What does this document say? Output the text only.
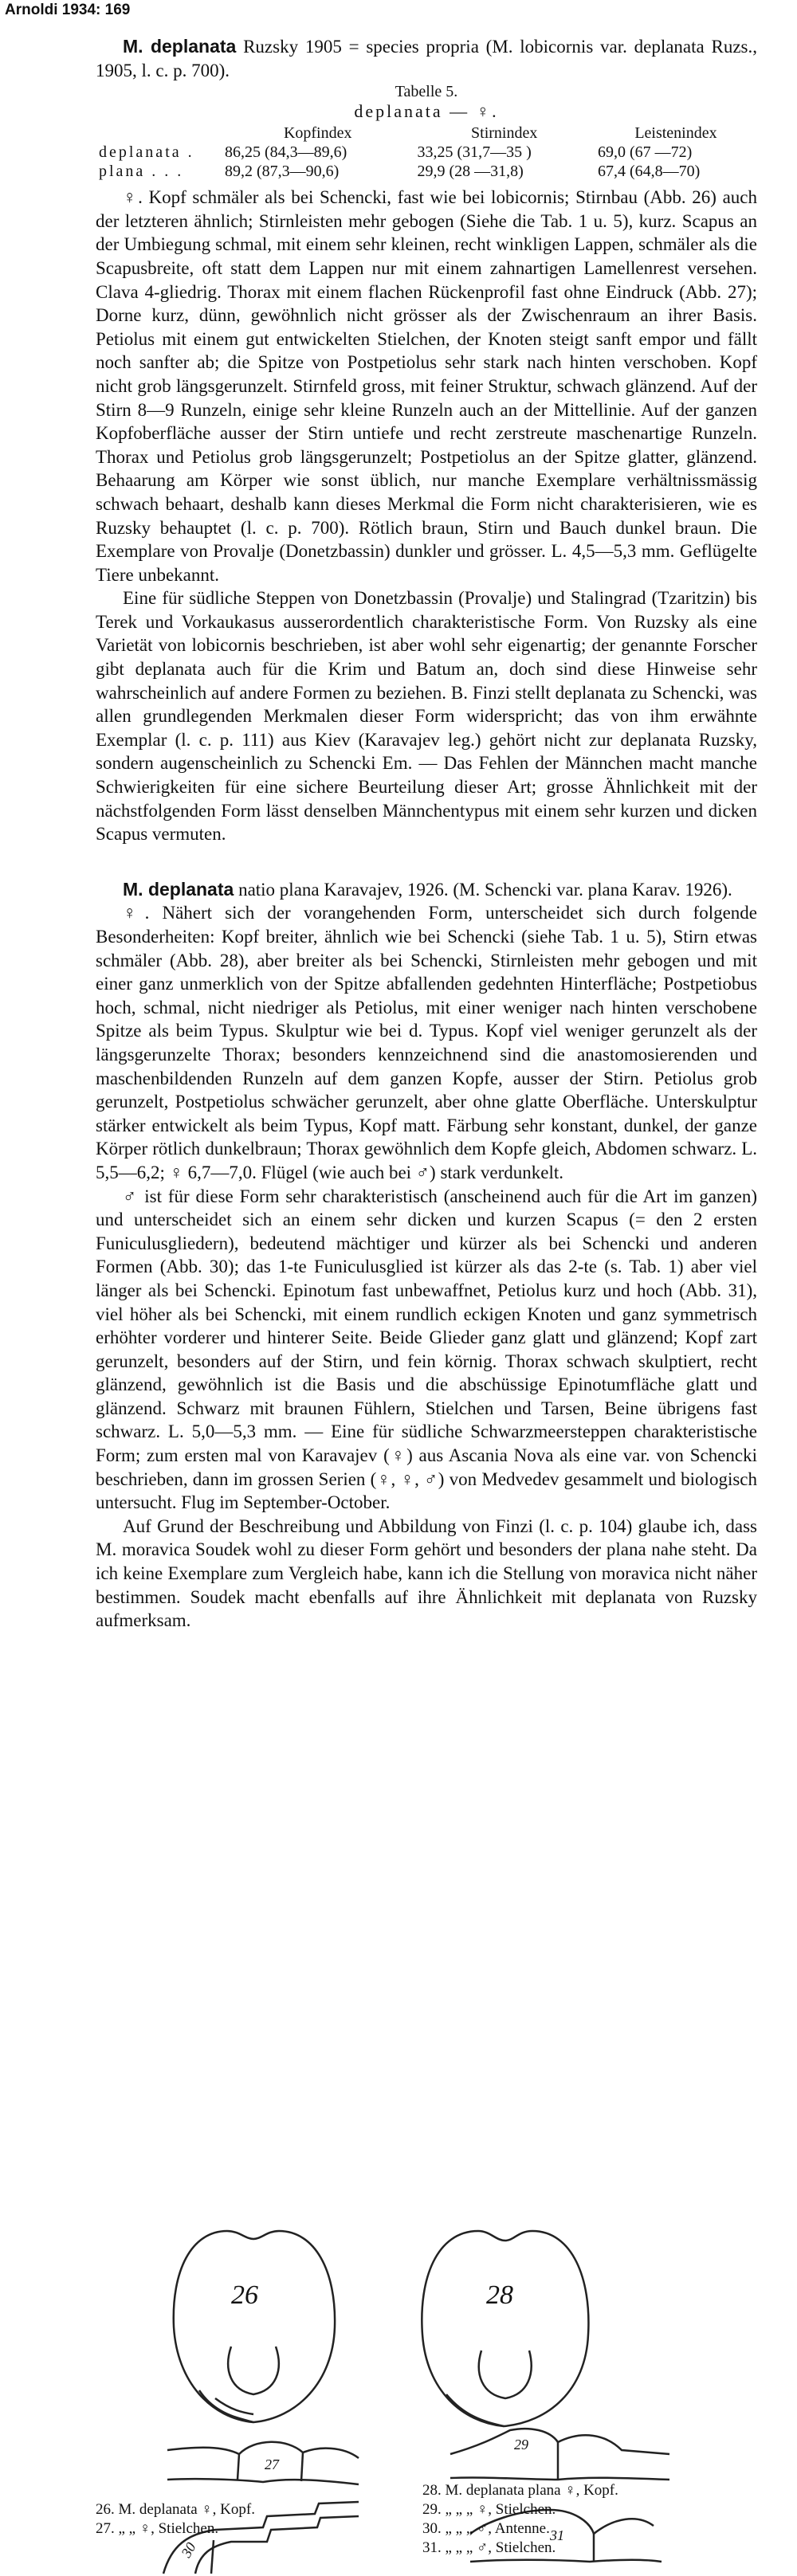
Arnoldi 1934: 169

M. deplanata Ruzsky 1905 = species propria (M. lobicornis var. deplanata Ruzs., 1905, l. c. p. 700).

Tabelle 5.
deplanata — ♀.
	Kopfindex	Stirnindex	Leistenindex
deplanata .	86,25 (84,3—89,6)	33,25 (31,7—35 )	69,0 (67 —72)
plana . . .	89,2 (87,3—90,6)	29,9 (28 —31,8)	67,4 (64,8—70)

♀. Kopf schmäler als bei Schencki, fast wie bei lobicornis; Stirnbau (Abb. 26) auch der letzteren ähnlich; Stirnleisten mehr gebogen (Siehe die Tab. 1 u. 5), kurz. Scapus an der Umbiegung schmal, mit einem sehr kleinen, recht winkligen Lappen, schmäler als die Scapusbreite, oft statt dem Lappen nur mit einem zahnartigen Lamellenrest versehen. Clava 4-gliedrig. Thorax mit einem flachen Rückenprofil fast ohne Eindruck (Abb. 27); Dorne kurz, dünn, gewöhnlich nicht grösser als der Zwischenraum an ihrer Basis. Petiolus mit einem gut entwickelten Stielchen, der Knoten steigt sanft empor und fällt noch sanfter ab; die Spitze von Postpetiolus sehr stark nach hinten verschoben. Kopf nicht grob längsgerunzelt. Stirnfeld gross, mit feiner Struktur, schwach glänzend. Auf der Stirn 8—9 Runzeln, einige sehr kleine Runzeln auch an der Mittellinie. Auf der ganzen Kopfoberfläche ausser der Stirn untiefe und recht zerstreute maschenartige Runzeln. Thorax und Petiolus grob längsgerunzelt; Postpetiolus an der Spitze glatter, glänzend. Behaarung am Körper wie sonst üblich, nur manche Exemplare verhältnissmässig schwach behaart, deshalb kann dieses Merkmal die Form nicht charakterisieren, wie es Ruzsky behauptet (l. c. p. 700). Rötlich braun, Stirn und Bauch dunkel braun. Die Exemplare von Provalje (Donetzbassin) dunkler und grösser. L. 4,5—5,3 mm. Geflügelte Tiere unbekannt.

Eine für südliche Steppen von Donetzbassin (Provalje) und Stalingrad (Tzaritzin) bis Terek und Vorkaukasus ausserordentlich charakteristische Form. Von Ruzsky als eine Varietät von lobicornis beschrieben, ist aber wohl sehr eigenartig; der genannte Forscher gibt deplanata auch für die Krim und Batum an, doch sind diese Hinweise sehr wahrscheinlich auf andere Formen zu beziehen. B. Finzi stellt deplanata zu Schencki, was allen grundlegenden Merkmalen dieser Form widerspricht; das von ihm erwähnte Exemplar (l. c. p. 111) aus Kiev (Karavajev leg.) gehört nicht zur deplanata Ruzsky, sondern augenscheinlich zu Schencki Em. — Das Fehlen der Männchen macht manche Schwierigkeiten für eine sichere Beurteilung dieser Art; grosse Ähnlichkeit mit der nächstfolgenden Form lässt denselben Männchentypus mit einem sehr kurzen und dicken Scapus vermuten.

M. deplanata natio plana Karavajev, 1926. (M. Schencki var. plana Karav. 1926).

♀. Nähert sich der vorangehenden Form, unterscheidet sich durch folgende Besonderheiten: Kopf breiter, ähnlich wie bei Schencki (siehe Tab. 1 u. 5), Stirn etwas schmäler (Abb. 28), aber breiter als bei Schencki, Stirnleisten mehr gebogen und mit einer ganz unmerklich von der Spitze abfallenden gedehnten Hinterfläche; Postpetiobus hoch, schmal, nicht niedriger als Petiolus, mit einer weniger nach hinten verschobene Spitze als beim Typus. Skulptur wie bei d. Typus. Kopf viel weniger gerunzelt als der längsgerunzelte Thorax; besonders kennzeichnend sind die anastomosierenden und maschenbildenden Runzeln auf dem ganzen Kopfe, ausser der Stirn. Petiolus grob gerunzelt, Postpetiolus schwächer gerunzelt, aber ohne glatte Oberfläche. Unterskulptur stärker entwickelt als beim Typus, Kopf matt. Färbung sehr konstant, dunkel, der ganze Körper rötlich dunkelbraun; Thorax gewöhnlich dem Kopfe gleich, Abdomen schwarz. L. 5,5—6,2; ♀ 6,7—7,0. Flügel (wie auch bei ♂) stark verdunkelt.

♂ ist für diese Form sehr charakteristisch (anscheinend auch für die Art im ganzen) und unterscheidet sich an einem sehr dicken und kurzen Scapus (= den 2 ersten Funiculusgliedern), bedeutend mächtiger und kürzer als bei Schencki und anderen Formen (Abb. 30); das 1-te Funiculusglied ist kürzer als das 2-te (s. Tab. 1) aber viel länger als bei Schencki. Epinotum fast unbewaffnet, Petiolus kurz und hoch (Abb. 31), viel höher als bei Schencki, mit einem rundlich eckigen Knoten und ganz symmetrisch erhöhter vorderer und hinterer Seite. Beide Glieder ganz glatt und glänzend; Kopf zart gerunzelt, besonders auf der Stirn, und fein körnig. Thorax schwach skulptiert, recht glänzend, gewöhnlich ist die Basis und die abschüssige Epinotumfläche glatt und glänzend. Schwarz mit braunen Fühlern, Stielchen und Tarsen, Beine übrigens fast schwarz. L. 5,0—5,3 mm. — Eine für südliche Schwarzmeersteppen charakteristische Form; zum ersten mal von Karavajev (♀) aus Ascania Nova als eine var. von Schencki beschrieben, dann im grossen Serien (♀, ♀, ♂) von Medvedev gesammelt und biologisch untersucht. Flug im September-October.

Auf Grund der Beschreibung und Abbildung von Finzi (l. c. p. 104) glaube ich, dass M. moravica Soudek wohl zu dieser Form gehört und besonders der plana nahe steht. Da ich keine Exemplare zum Vergleich habe, kann ich die Stellung von moravica nicht näher bestimmen. Soudek macht ebenfalls auf ihre Ähnlichkeit mit deplanata von Ruzsky aufmerksam.

26	28
27
29
30
31
26. M. deplanata ♀, Kopf.
27. „ „ ♀, Stielchen.
28. M. deplanata plana ♀, Kopf.
29. „ „ „ ♀, Stielchen.
30. „ „ „ ♂, Antenne.
31. „ „ „ ♂, Stielchen.
